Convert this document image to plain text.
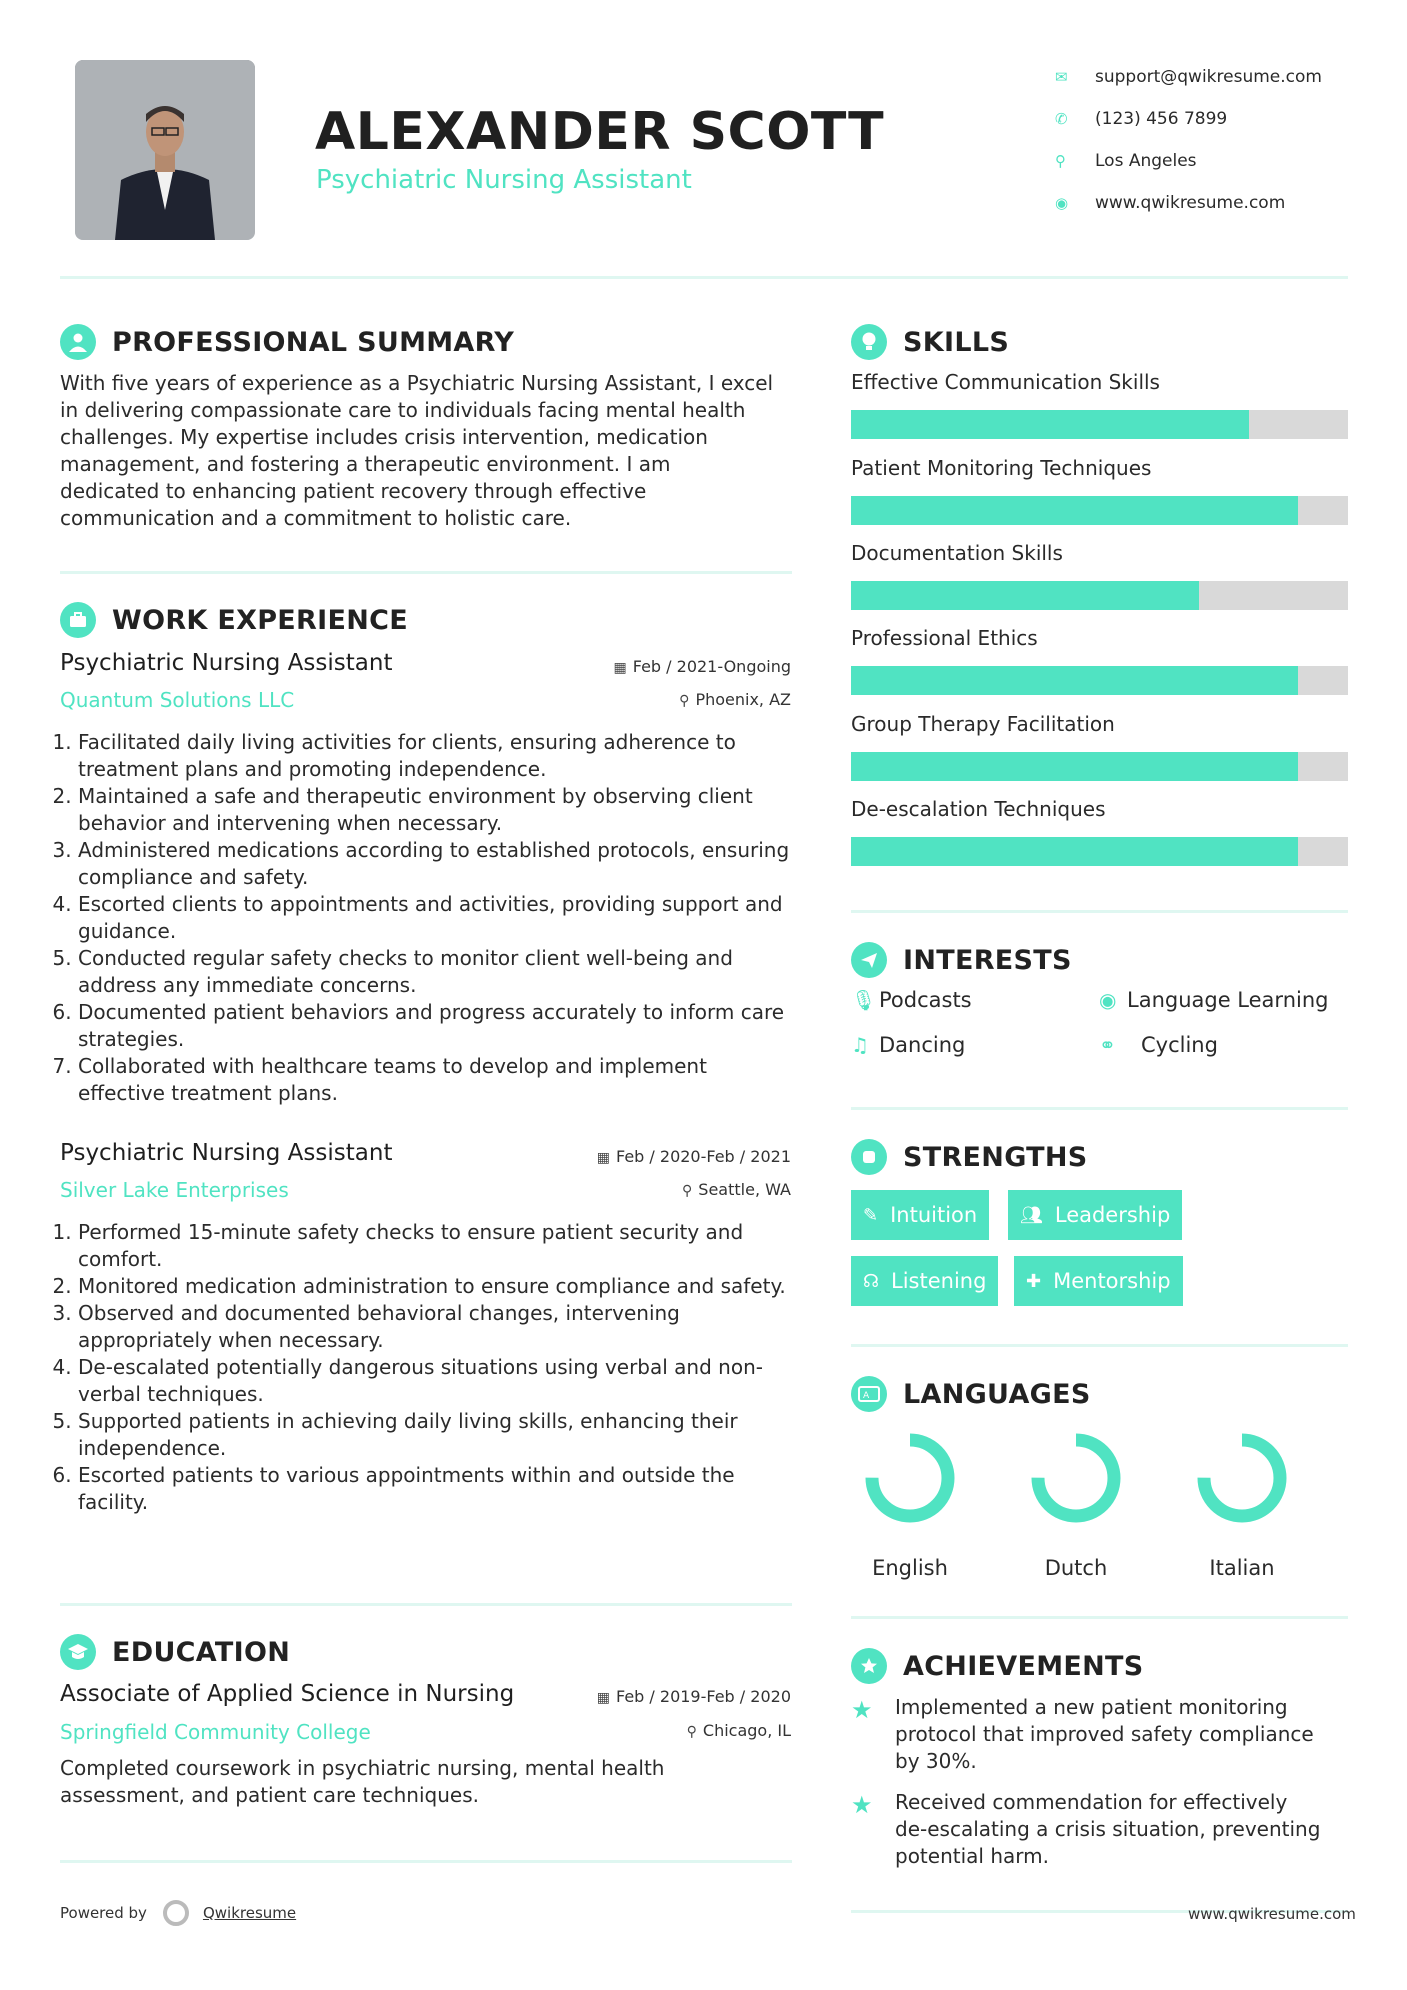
ALEXANDER SCOTT
Psychiatric Nursing Assistant
✉	support@qwikresume.com
✆	(123) 456 7899
⚲	Los Angeles
◉	www.qwikresume.com
PROFESSIONAL SUMMARY
With five years of experience as a Psychiatric Nursing Assistant, I excel
in delivering compassionate care to individuals facing mental health
challenges. My expertise includes crisis intervention, medication
management, and fostering a therapeutic environment. I am
dedicated to enhancing patient recovery through effective
communication and a commitment to holistic care.
WORK EXPERIENCE
Psychiatric Nursing Assistant
Quantum Solutions LLC
▦ Feb / 2021-Ongoing
⚲ Phoenix, AZ
1. Facilitated daily living activities for clients, ensuring adherence to treatment plans and promoting independence.
2. Maintained a safe and therapeutic environment by observing client behavior and intervening when necessary.
3. Administered medications according to established protocols, ensuring compliance and safety.
4. Escorted clients to appointments and activities, providing support and guidance.
5. Conducted regular safety checks to monitor client well-being and address any immediate concerns.
6. Documented patient behaviors and progress accurately to inform care strategies.
7. Collaborated with healthcare teams to develop and implement effective treatment plans.
Psychiatric Nursing Assistant
Silver Lake Enterprises
▦ Feb / 2020-Feb / 2021
⚲ Seattle, WA
1. Performed 15-minute safety checks to ensure patient security and comfort.
2. Monitored medication administration to ensure compliance and safety.
3. Observed and documented behavioral changes, intervening appropriately when necessary.
4. De-escalated potentially dangerous situations using verbal and non-verbal techniques.
5. Supported patients in achieving daily living skills, enhancing their independence.
6. Escorted patients to various appointments within and outside the facility.
EDUCATION
Associate of Applied Science in Nursing
Springfield Community College
▦ Feb / 2019-Feb / 2020
⚲ Chicago, IL
Completed coursework in psychiatric nursing, mental health
assessment, and patient care techniques.
SKILLS
Effective Communication Skills
Patient Monitoring Techniques
Documentation Skills
Professional Ethics
Group Therapy Facilitation
De-escalation Techniques
INTERESTS
🎙︎ Podcasts	◉ Language Learning
♫ Dancing	⚭	Cycling
STRENGTHS
✎ Intuition 👥︎ Leadership
☊ Listening ✚ Mentorship
A LANGUAGES
English	Dutch	Italian
ACHIEVEMENTS
★	Implemented a new patient monitoring
protocol that improved safety compliance
by 30%.
★	Received commendation for effectively
de-escalating a crisis situation, preventing
potential harm.
Powered by	Qwikresume	www.qwikresume.com
